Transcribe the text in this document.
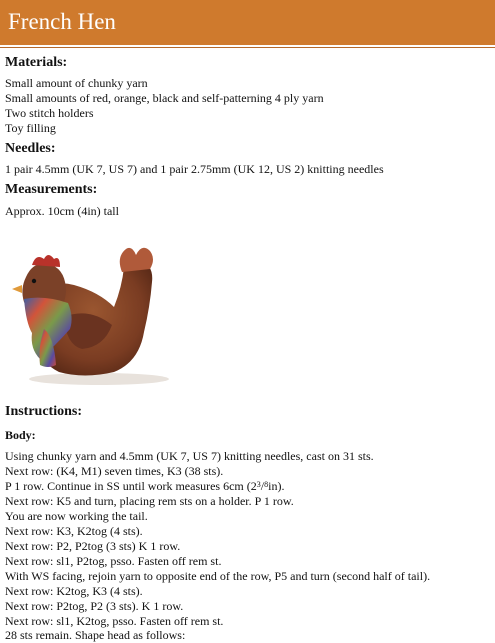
French Hen
Materials:
Small amount of chunky yarn
Small amounts of red, orange, black and self-patterning 4 ply yarn
Two stitch holders
Toy filling
Needles:
1 pair 4.5mm (UK 7, US 7) and 1 pair 2.75mm (UK 12, US 2) knitting needles
Measurements:
Approx. 10cm (4in) tall
Instructions:
Body:
Using chunky yarn and 4.5mm (UK 7, US 7) knitting needles, cast on 31 sts.
Next row: (K4, M1) seven times, K3 (38 sts).
P 1 row. Continue in SS until work measures 6cm $(2^3/^8in)$.
Next row: K5 and turn, placing rem sts on a holder. P 1 row.
You are now working the tail.
Next row: K3, K2tog (4 sts).
Next row: P2, P2tog (3 sts) K 1 row.
Next row: sl1, P2tog, psso. Fasten off rem st.
With WS facing, rejoin yarn to opposite end of the row, P5 and turn (second half of tail).
Next row: K2tog, K3 (4 sts).
Next row: P2tog, P2 (3 sts). K 1 row.
Next row: sl1, K2tog, psso. Fasten off rem st.
28 sts remain. Shape head as follows:
